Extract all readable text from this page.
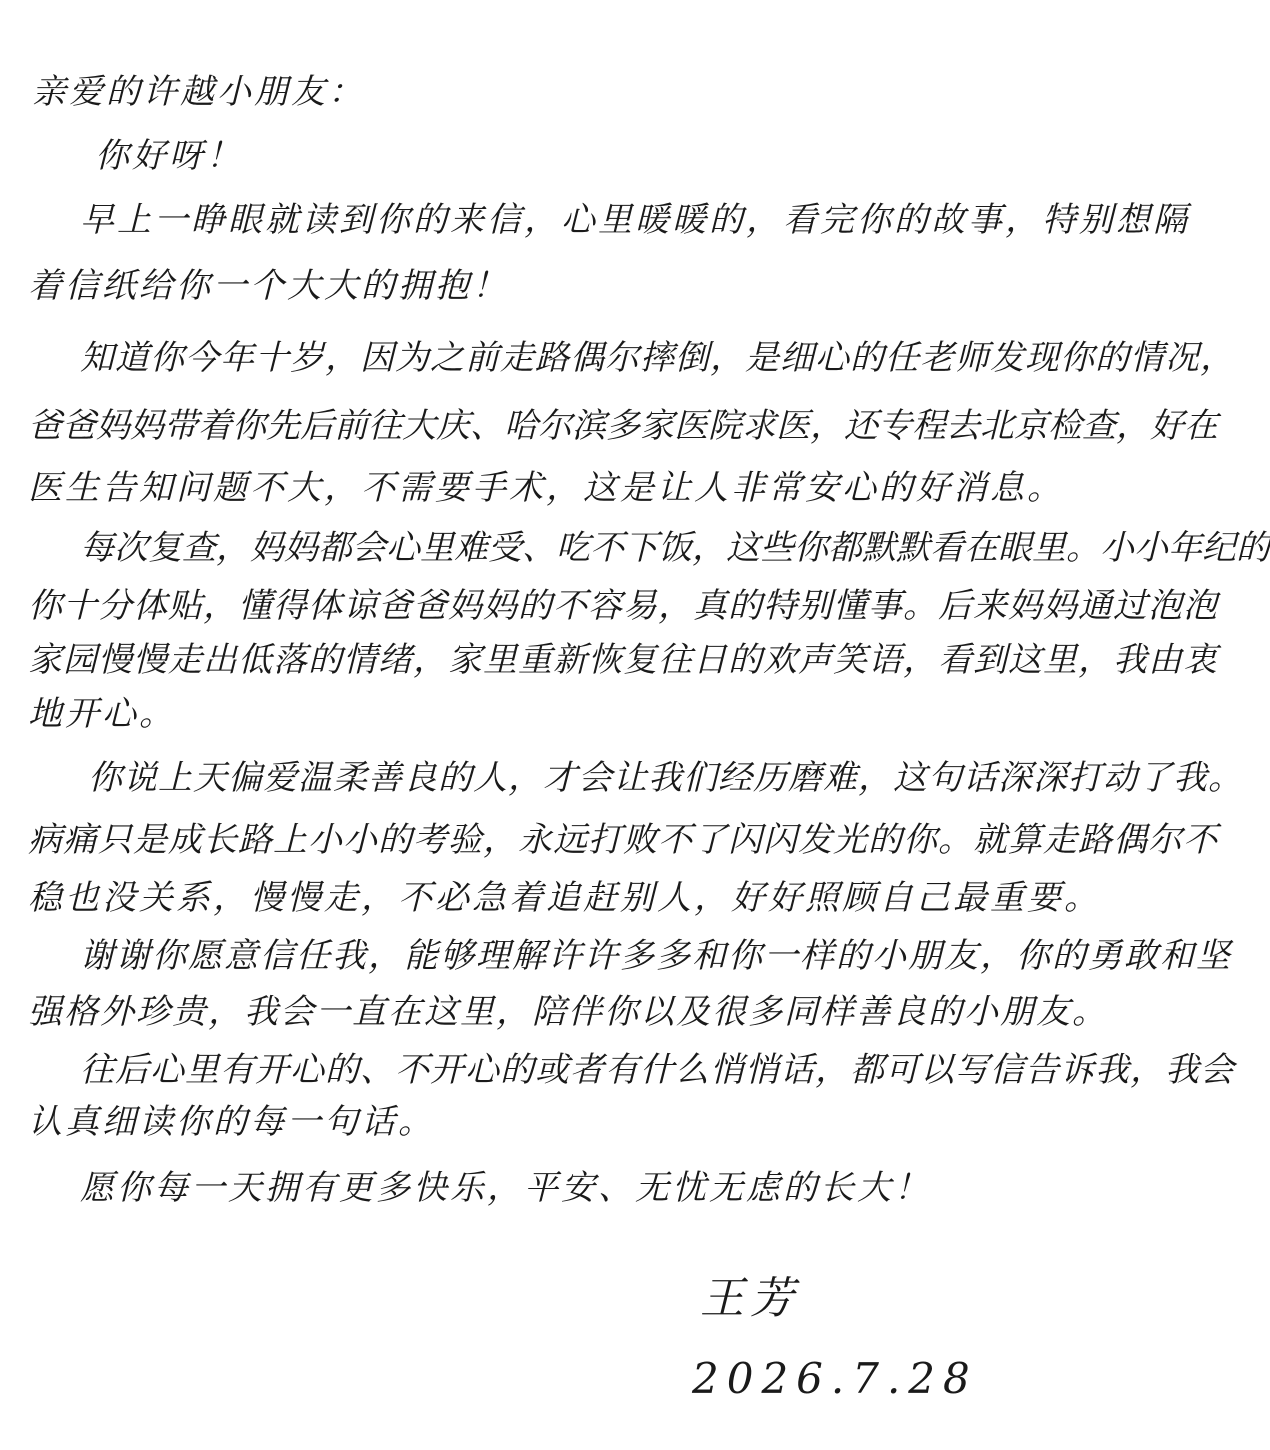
亲爱的许越小朋友：
你好呀！
早上一睁眼就读到你的来信，心里暖暖的，看完你的故事，特别想隔
着信纸给你一个大大的拥抱！
知道你今年十岁，因为之前走路偶尔摔倒，是细心的任老师发现你的情况，
爸爸妈妈带着你先后前往大庆、哈尔滨多家医院求医，还专程去北京检查，好在
医生告知问题不大，不需要手术，这是让人非常安心的好消息。
每次复查，妈妈都会心里难受、吃不下饭，这些你都默默看在眼里。小小年纪的
你十分体贴，懂得体谅爸爸妈妈的不容易，真的特别懂事。后来妈妈通过泡泡
家园慢慢走出低落的情绪，家里重新恢复往日的欢声笑语，看到这里，我由衷
地开心。
你说上天偏爱温柔善良的人，才会让我们经历磨难，这句话深深打动了我。
病痛只是成长路上小小的考验，永远打败不了闪闪发光的你。就算走路偶尔不
稳也没关系，慢慢走，不必急着追赶别人，好好照顾自己最重要。
谢谢你愿意信任我，能够理解许许多多和你一样的小朋友，你的勇敢和坚
强格外珍贵，我会一直在这里，陪伴你以及很多同样善良的小朋友。
往后心里有开心的、不开心的或者有什么悄悄话，都可以写信告诉我，我会
认真细读你的每一句话。
愿你每一天拥有更多快乐，平安、无忧无虑的长大！
王芳
2026.7.28
